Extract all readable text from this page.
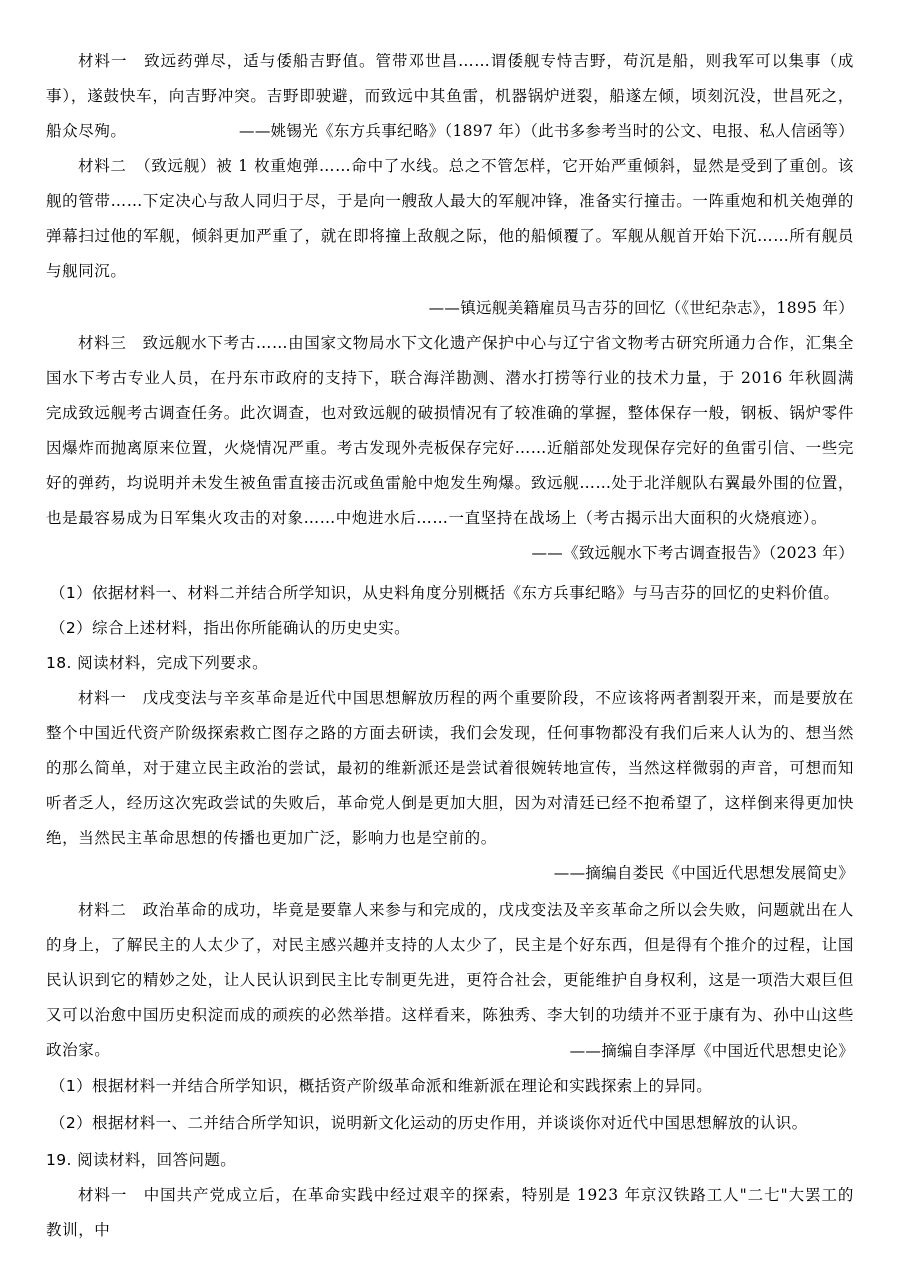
材料一　致远药弹尽，适与倭船吉野值。管带邓世昌……谓倭舰专恃吉野，苟沉是船，则我军可以集事（成事），遂鼓快车，向吉野冲突。吉野即驶避，而致远中其鱼雷，机器锅炉迸裂，船遂左倾，顷刻沉没，世昌死之，船众尽殉。	——姚锡光《东方兵事纪略》（1897 年）（此书多参考当时的公文、电报、私人信函等）

材料二　（致远舰）被 1 枚重炮弹……命中了水线。总之不管怎样，它开始严重倾斜，显然是受到了重创。该舰的管带……下定决心与敌人同归于尽，于是向一艘敌人最大的军舰冲锋，准备实行撞击。一阵重炮和机关炮弹的弹幕扫过他的军舰，倾斜更加严重了，就在即将撞上敌舰之际，他的船倾覆了。军舰从舰首开始下沉……所有舰员与舰同沉。

——镇远舰美籍雇员马吉芬的回忆（《世纪杂志》，1895 年）

材料三　致远舰水下考古……由国家文物局水下文化遗产保护中心与辽宁省文物考古研究所通力合作，汇集全国水下考古专业人员，在丹东市政府的支持下，联合海洋勘测、潜水打捞等行业的技术力量，于 2016 年秋圆满完成致远舰考古调查任务。此次调查，也对致远舰的破损情况有了较准确的掌握，整体保存一般，钢板、锅炉零件因爆炸而抛离原来位置，火烧情况严重。考古发现外壳板保存完好……近艏部处发现保存完好的鱼雷引信、一些完好的弹药，均说明并未发生被鱼雷直接击沉或鱼雷舱中炮发生殉爆。致远舰……处于北洋舰队右翼最外围的位置，也是最容易成为日军集火攻击的对象……中炮进水后……一直坚持在战场上（考古揭示出大面积的火烧痕迹）。

——《致远舰水下考古调查报告》（2023 年）
（1）依据材料一、材料二并结合所学知识，从史料角度分别概括《东方兵事纪略》与马吉芬的回忆的史料价值。
（2）综合上述材料，指出你所能确认的历史史实。
18. 阅读材料，完成下列要求。

材料一　戊戌变法与辛亥革命是近代中国思想解放历程的两个重要阶段，不应该将两者割裂开来，而是要放在整个中国近代资产阶级探索救亡图存之路的方面去研读，我们会发现，任何事物都没有我们后来人认为的、想当然的那么简单，对于建立民主政治的尝试，最初的维新派还是尝试着很婉转地宣传，当然这样微弱的声音，可想而知听者乏人，经历这次宪政尝试的失败后，革命党人倒是更加大胆，因为对清廷已经不抱希望了，这样倒来得更加快绝，当然民主革命思想的传播也更加广泛，影响力也是空前的。

——摘编自娄民《中国近代思想发展简史》

材料二　政治革命的成功，毕竟是要靠人来参与和完成的，戊戌变法及辛亥革命之所以会失败，问题就出在人的身上，了解民主的人太少了，对民主感兴趣并支持的人太少了，民主是个好东西，但是得有个推介的过程，让国民认识到它的精妙之处，让人民认识到民主比专制更先进，更符合社会，更能维护自身权利，这是一项浩大艰巨但又可以治愈中国历史积淀而成的顽疾的必然举措。这样看来，陈独秀、李大钊的功绩并不亚于康有为、孙中山这些政治家。	——摘编自李泽厚《中国近代思想史论》
（1）根据材料一并结合所学知识，概括资产阶级革命派和维新派在理论和实践探索上的异同。
（2）根据材料一、二并结合所学知识，说明新文化运动的历史作用，并谈谈你对近代中国思想解放的认识。
19. 阅读材料，回答问题。

材料一　中国共产党成立后，在革命实践中经过艰辛的探索，特别是 1923 年京汉铁路工人"二七"大罢工的教训，中
